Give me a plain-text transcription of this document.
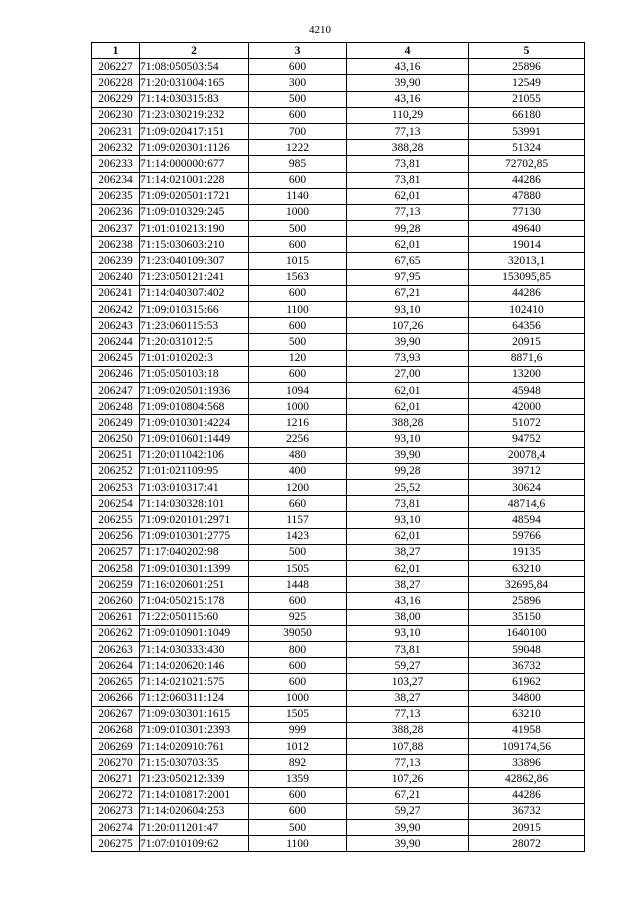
4210
1	2	3	4	5
206227	71:08:050503:54	600	43,16	25896
206228	71:20:031004:165	300	39,90	12549
206229	71:14:030315:83	500	43,16	21055
206230	71:23:030219:232	600	110,29	66180
206231	71:09:020417:151	700	77,13	53991
206232	71:09:020301:1126	1222	388,28	51324
206233	71:14:000000:677	985	73,81	72702,85
206234	71:14:021001:228	600	73,81	44286
206235	71:09:020501:1721	1140	62,01	47880
206236	71:09:010329:245	1000	77,13	77130
206237	71:01:010213:190	500	99,28	49640
206238	71:15:030603:210	600	62,01	19014
206239	71:23:040109:307	1015	67,65	32013,1
206240	71:23:050121:241	1563	97,95	153095,85
206241	71:14:040307:402	600	67,21	44286
206242	71:09:010315:66	1100	93,10	102410
206243	71:23:060115:53	600	107,26	64356
206244	71:20:031012:5	500	39,90	20915
206245	71:01:010202:3	120	73,93	8871,6
206246	71:05:050103:18	600	27,00	13200
206247	71:09:020501:1936	1094	62,01	45948
206248	71:09:010804:568	1000	62,01	42000
206249	71:09:010301:4224	1216	388,28	51072
206250	71:09:010601:1449	2256	93,10	94752
206251	71:20:011042:106	480	39,90	20078,4
206252	71:01:021109:95	400	99,28	39712
206253	71:03:010317:41	1200	25,52	30624
206254	71:14:030328:101	660	73,81	48714,6
206255	71:09:020101:2971	1157	93,10	48594
206256	71:09:010301:2775	1423	62,01	59766
206257	71:17:040202:98	500	38,27	19135
206258	71:09:010301:1399	1505	62,01	63210
206259	71:16:020601:251	1448	38,27	32695,84
206260	71:04:050215:178	600	43,16	25896
206261	71:22:050115:60	925	38,00	35150
206262	71:09:010901:1049	39050	93,10	1640100
206263	71:14:030333:430	800	73,81	59048
206264	71:14:020620:146	600	59,27	36732
206265	71:14:021021:575	600	103,27	61962
206266	71:12:060311:124	1000	38,27	34800
206267	71:09:030301:1615	1505	77,13	63210
206268	71:09:010301:2393	999	388,28	41958
206269	71:14:020910:761	1012	107,88	109174,56
206270	71:15:030703:35	892	77,13	33896
206271	71:23:050212:339	1359	107,26	42862,86
206272	71:14:010817:2001	600	67,21	44286
206273	71:14:020604:253	600	59,27	36732
206274	71:20:011201:47	500	39,90	20915
206275	71:07:010109:62	1100	39,90	28072
